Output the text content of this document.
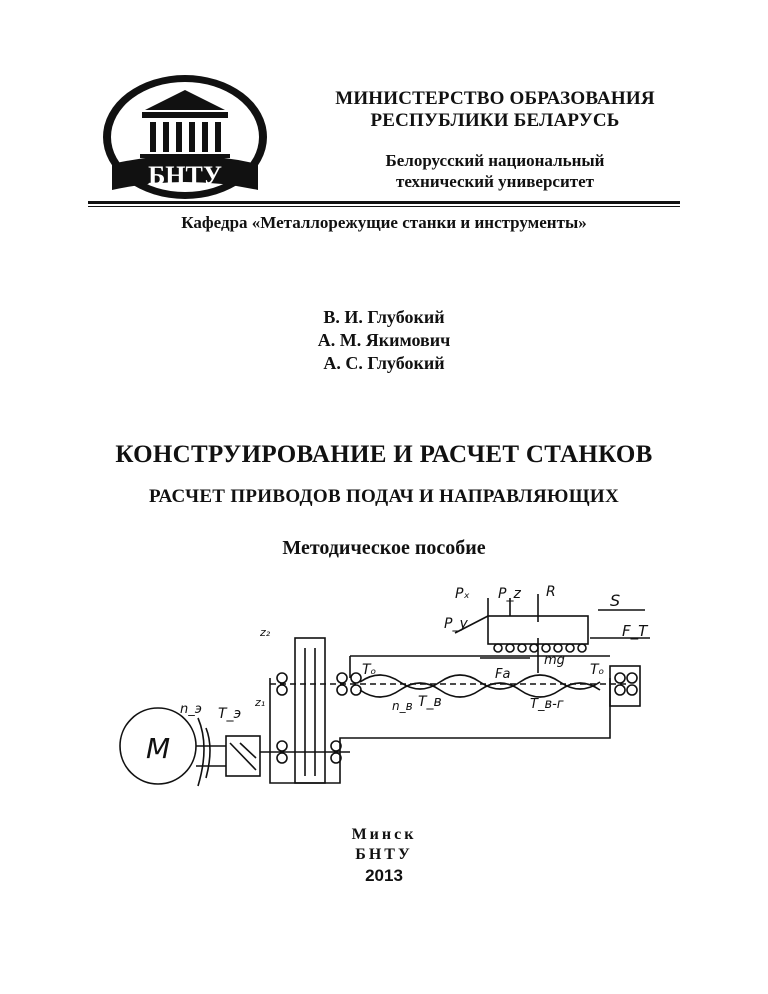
БНТУ
МИНИСТЕРСТВО ОБРАЗОВАНИЯ
РЕСПУБЛИКИ БЕЛАРУСЬ
Белорусский национальный
технический университет
Кафедра «Металлорежущие станки и инструменты»
В. И. Глубокий
А. М. Якимович
А. С. Глубокий
КОНСТРУИРОВАНИЕ И РАСЧЕТ СТАНКОВ
РАСЧЕТ ПРИВОДОВ ПОДАЧ И НАПРАВЛЯЮЩИХ
Методическое пособие
M
n_э T_э
Pₓ P_z R	S
P_y	F_T
mg
Fa
z₂
z₁
Tₒ	Tₒ
n_в T_в	T_в-г
Минск
БНТУ
2013
